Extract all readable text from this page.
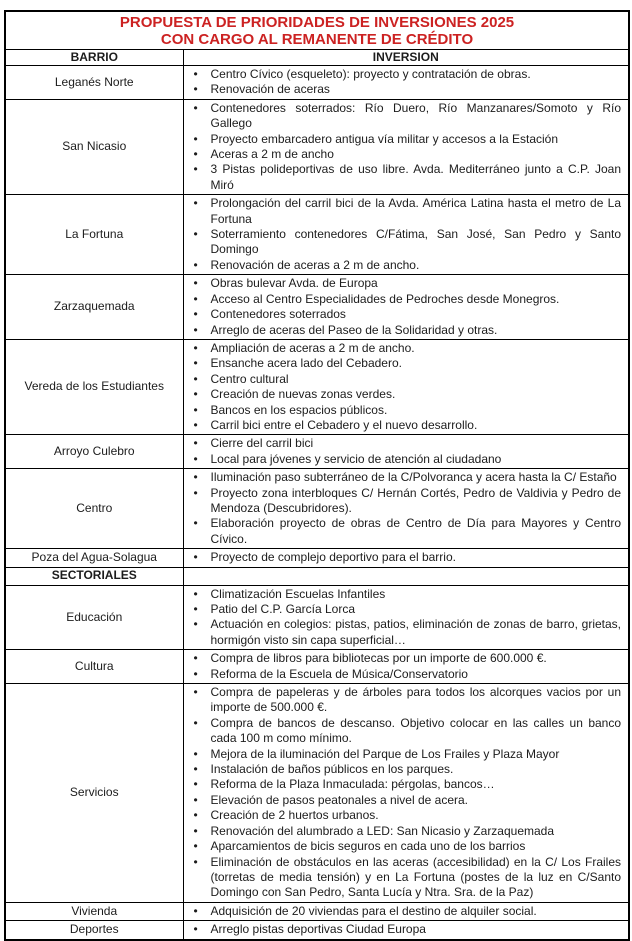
PROPUESTA DE PRIORIDADES DE INVERSIONES 2025
CON CARGO AL REMANENTE DE CRÉDITO	

BARRIO	INVERSION
Leganés Norte	
• Centro Cívico (esqueleto): proyecto y contratación de obras.
• Renovación de aceras

San Nicasio	
• Contenedores soterrados: Río Duero, Río Manzanares/Somoto y Río Gallego
• Proyecto embarcadero antigua vía militar y accesos a la Estación
• Aceras a 2 m de ancho
• 3 Pistas polideportivas de uso libre. Avda. Mediterráneo junto a C.P. Joan Miró

La Fortuna	
• Prolongación del carril bici de la Avda. América Latina hasta el metro de La Fortuna
• Soterramiento contenedores C/Fátima, San José, San Pedro y Santo Domingo
• Renovación de aceras a 2 m de ancho.

Zarzaquemada	
• Obras bulevar Avda. de Europa
• Acceso al Centro Especialidades de Pedroches desde Monegros.
• Contenedores soterrados
• Arreglo de aceras del Paseo de la Solidaridad y otras.

Vereda de los Estudiantes	
• Ampliación de aceras a 2 m de ancho.
• Ensanche acera lado del Cebadero.
• Centro cultural
• Creación de nuevas zonas verdes.
• Bancos en los espacios públicos.
• Carril bici entre el Cebadero y el nuevo desarrollo.

Arroyo Culebro	
• Cierre del carril bici
• Local para jóvenes y servicio de atención al ciudadano

Centro	
• Iluminación paso subterráneo de la C/Polvoranca y acera hasta la C/ Estaño
• Proyecto zona interbloques C/ Hernán Cortés, Pedro de Valdivia y Pedro de Mendoza (Descubridores).
• Elaboración proyecto de obras de Centro de Día para Mayores y Centro Cívico.

Poza del Agua-Solagua	
•Proyecto de complejo deportivo para el barrio.

SECTORIALES	

Educación	
• Climatización Escuelas Infantiles
• Patio del C.P. García Lorca
• Actuación en colegios: pistas, patios, eliminación de zonas de barro, grietas, hormigón visto sin capa superficial…

Cultura	
• Compra de libros para bibliotecas por un importe de 600.000 €.
• Reforma de la Escuela de Música/Conservatorio

Servicios	
• Compra de papeleras y de árboles para todos los alcorques vacios por un importe de 500.000 €.
• Compra de bancos de descanso. Objetivo colocar en las calles un banco cada 100 m como mínimo.
• Mejora de la iluminación del Parque de Los Frailes y Plaza Mayor
• Instalación de baños públicos en los parques.
• Reforma de la Plaza Inmaculada: pérgolas, bancos…
• Elevación de pasos peatonales a nivel de acera.
• Creación de 2 huertos urbanos.
• Renovación del alumbrado a LED: San Nicasio y Zarzaquemada
• Aparcamientos de bicis seguros en cada uno de los barrios
• Eliminación de obstáculos en las aceras (accesibilidad) en la C/ Los Frailes (torretas de media tensión) y en La Fortuna (postes de la luz en C/Santo Domingo con San Pedro, Santa Lucía y Ntra. Sra. de la Paz)

Vivienda	
•Adquisición de 20 viviendas para el destino de alquiler social.

Deportes	
•Arreglo pistas deportivas Ciudad Europa
